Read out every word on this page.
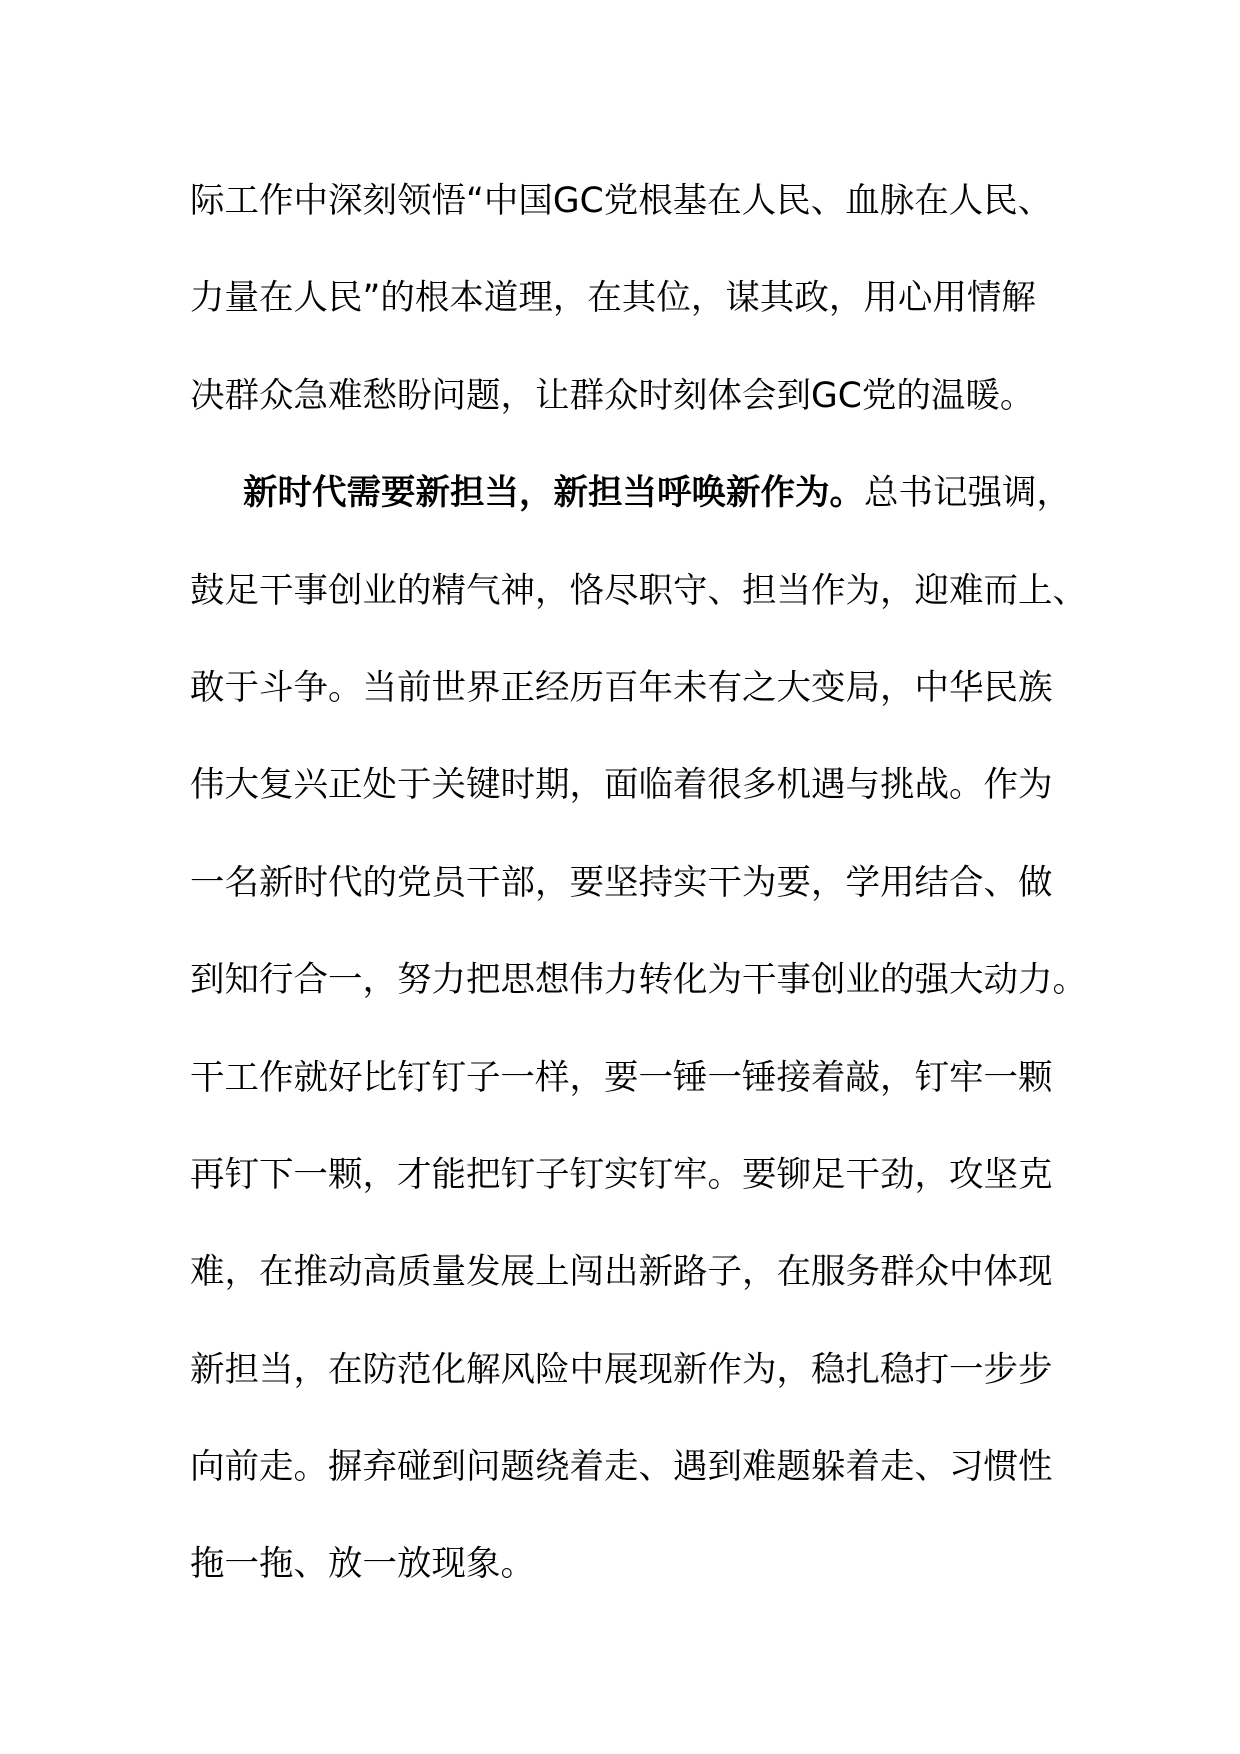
际工作中深刻领悟“中国GC党根基在人民、血脉在人民、
力量在人民”的根本道理，在其位，谋其政，用心用情解
决群众急难愁盼问题，让群众时刻体会到GC党的温暖。
新时代需要新担当，新担当呼唤新作为。总书记强调，
鼓足干事创业的精气神，恪尽职守、担当作为，迎难而上、
敢于斗争。当前世界正经历百年未有之大变局，中华民族
伟大复兴正处于关键时期，面临着很多机遇与挑战。作为
一名新时代的党员干部，要坚持实干为要，学用结合、做
到知行合一，努力把思想伟力转化为干事创业的强大动力。
干工作就好比钉钉子一样，要一锤一锤接着敲，钉牢一颗
再钉下一颗，才能把钉子钉实钉牢。要铆足干劲，攻坚克
难，在推动高质量发展上闯出新路子，在服务群众中体现
新担当，在防范化解风险中展现新作为，稳扎稳打一步步
向前走。摒弃碰到问题绕着走、遇到难题躲着走、习惯性
拖一拖、放一放现象。
